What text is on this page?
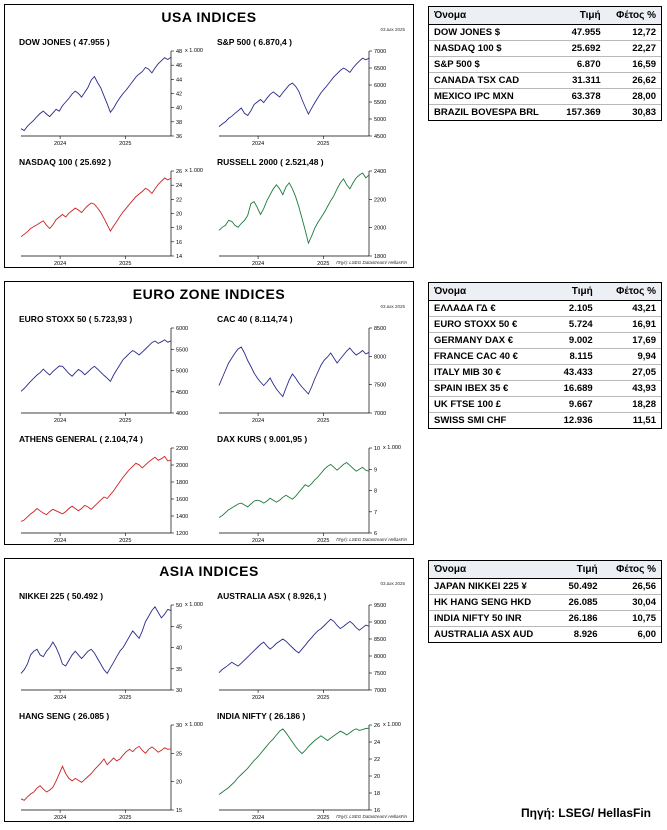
USA INDICES
03 Δεκ 2025
DOW JONES ( 47.955 )
x 1.000
48
46
44
42
40
38
36
2024	2025
S&P 500 ( 6.870,4 )
7000
6500
6000
5500
5000
4500
2024	2025
NASDAQ 100 ( 25.692 )
x 1.000
26
24
22
20
18
16
14
2024	2025
RUSSELL 2000 ( 2.521,48 )
2400
2200
2000
1800
2024	2025 Πηγή: LSEG Datastream/ HellasFin
EURO ZONE INDICES
03 Δεκ 2025
EURO STOXX 50 ( 5.723,93 )
6000
5500
5000
4500
4000
2024	2025
CAC 40 ( 8.114,74 )
8500
8000
7500
7000
2024	2025
ATHENS GENERAL ( 2.104,74 )
2200
2000
1800
1600
1400
1200
2024	2025
DAX KURS ( 9.001,95 )
x 1.000
10
9
8
7
6
2024	2025 Πηγή: LSEG Datastream/ HellasFin
ASIA INDICES
03 Δεκ 2025
NIKKEI 225 ( 50.492 )
x 1.000
50
45
40
35
30
2024	2025
AUSTRALIA ASX ( 8.926,1 )
9500
9000
8500
8000
7500
7000
2024	2025
HANG SENG ( 26.085 )
x 1.000
30
25
20
15
2024	2025
INDIA NIFTY ( 26.186 )
x 1.000
26
24
22
20
18
16
2024	2025 Πηγή: LSEG Datastream/ HellasFin
Όνομα	Τιμή	Φέτος %
DOW JONES $	47.955	12,72
NASDAQ 100 $	25.692	22,27
S&P 500 $	6.870	16,59
CANADA TSX CAD	31.311	26,62
MEXICO IPC MXN	63.378	28,00
BRAZIL BOVESPA BRL	157.369	30,83
Όνομα	Τιμή	Φέτος %
ΕΛΛΑΔΑ ΓΔ €	2.105	43,21
EURO STOXX 50 €	5.724	16,91
GERMANY DAX €	9.002	17,69
FRANCE CAC 40 €	8.115	9,94
ITALY MIB 30 €	43.433	27,05
SPAIN IBEX 35 €	16.689	43,93
UK FTSE 100 £	9.667	18,28
SWISS SMI CHF	12.936	11,51
Όνομα	Τιμή	Φέτος %
JAPAN NIKKEI 225 ¥	50.492	26,56
HK HANG SENG HKD	26.085	30,04
INDIA NIFTY 50 INR	26.186	10,75
AUSTRALIA ASX AUD	8.926	6,00
Πηγή: LSEG/ HellasFin
